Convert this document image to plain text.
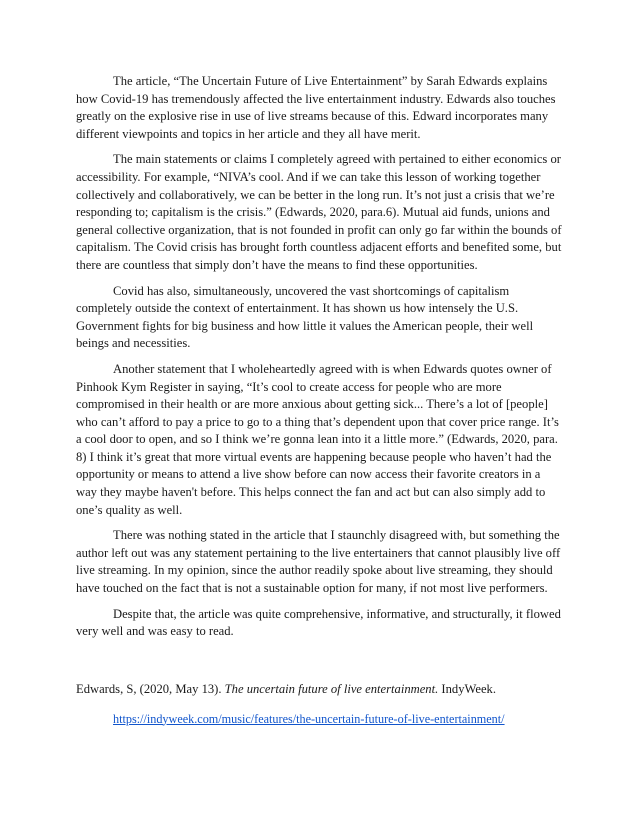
The article, “The Uncertain Future of Live Entertainment” by Sarah Edwards explains how Covid-19 has tremendously affected the live entertainment industry. Edwards also touches greatly on the explosive rise in use of live streams because of this. Edward incorporates many different viewpoints and topics in her article and they all have merit.

The main statements or claims I completely agreed with pertained to either economics or accessibility. For example, “NIVA’s cool. And if we can take this lesson of working together collectively and collaboratively, we can be better in the long run. It’s not just a crisis that we’re responding to; capitalism is the crisis.” (Edwards, 2020, para.6). Mutual aid funds, unions and general collective organization, that is not founded in profit can only go far within the bounds of capitalism. The Covid crisis has brought forth countless adjacent efforts and benefited some, but there are countless that simply don’t have the means to find these opportunities.

Covid has also, simultaneously, uncovered the vast shortcomings of capitalism completely outside the context of entertainment. It has shown us how intensely the U.S. Government fights for big business and how little it values the American people, their well beings and necessities.

Another statement that I wholeheartedly agreed with is when Edwards quotes owner of Pinhook Kym Register in saying, “It’s cool to create access for people who are more compromised in their health or are more anxious about getting sick... There’s a lot of [people] who can’t afford to pay a price to go to a thing that’s dependent upon that cover price range. It’s a cool door to open, and so I think we’re gonna lean into it a little more.” (Edwards, 2020, para. 8) I think it’s great that more virtual events are happening because people who haven’t had the opportunity or means to attend a live show before can now access their favorite creators in a way they maybe haven't before. This helps connect the fan and act but can also simply add to one’s quality as well.

There was nothing stated in the article that I staunchly disagreed with, but something the author left out was any statement pertaining to the live entertainers that cannot plausibly live off live streaming. In my opinion, since the author readily spoke about live streaming, they should have touched on the fact that is not a sustainable option for many, if not most live performers.

Despite that, the article was quite comprehensive, informative, and structurally, it flowed very well and was easy to read.

Edwards, S, (2020, May 13). The uncertain future of live entertainment. IndyWeek.

https://indyweek.com/music/features/the-uncertain-future-of-live-entertainment/
